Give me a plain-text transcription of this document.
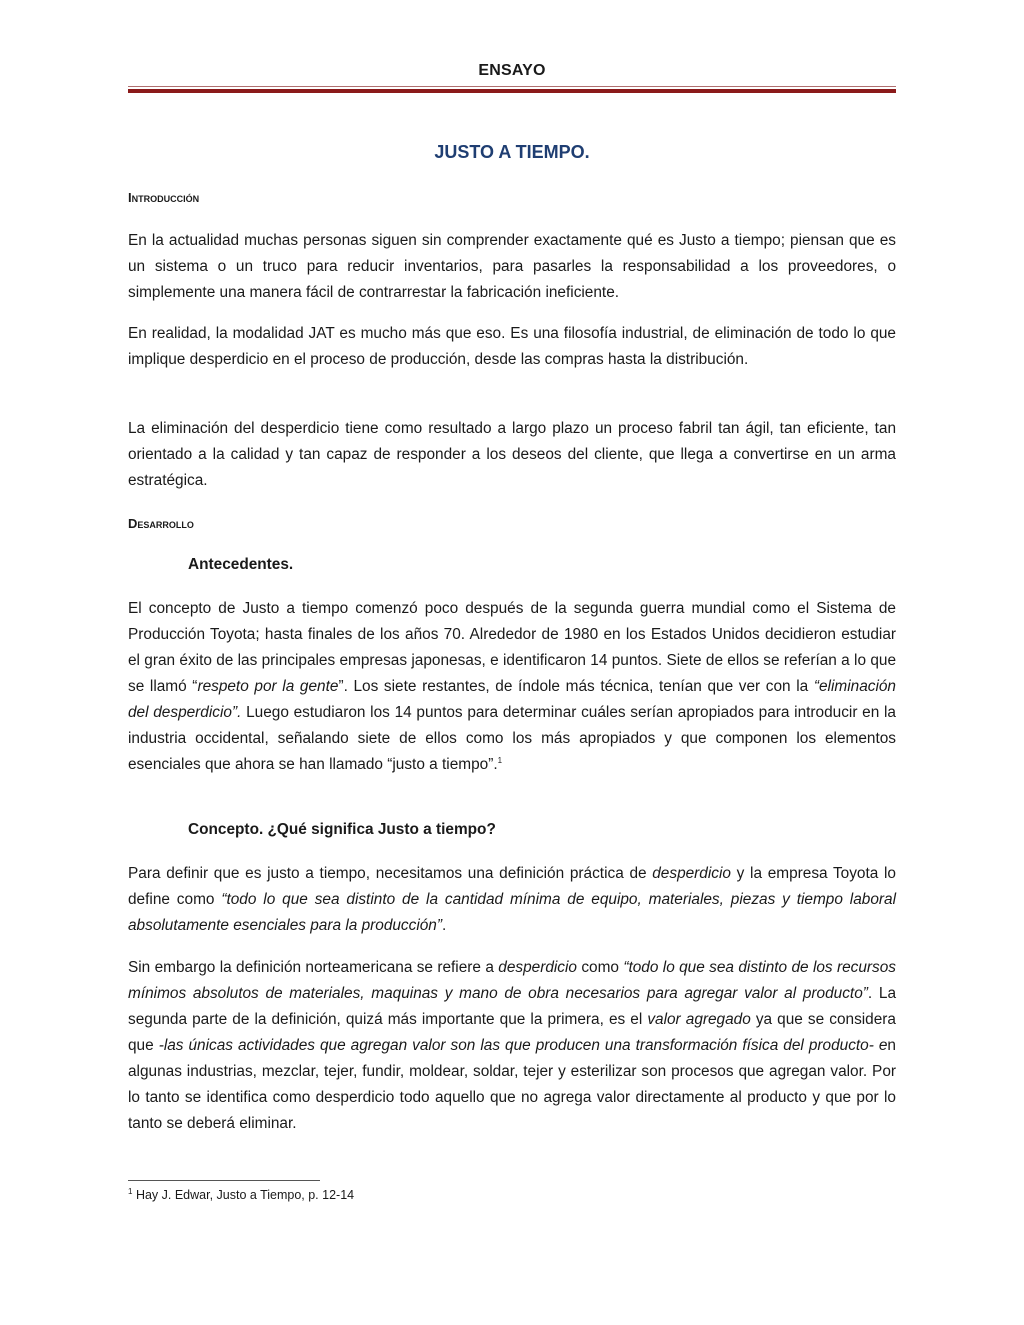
ENSAYO
JUSTO A TIEMPO.
Introducción
En la actualidad muchas personas siguen sin comprender exactamente qué es Justo a tiempo; piensan que es un sistema o un truco para reducir inventarios, para pasarles la responsabilidad a los proveedores, o simplemente una manera fácil de contrarrestar la fabricación ineficiente.
En realidad, la modalidad JAT es mucho más que eso. Es una filosofía industrial, de eliminación de todo lo que implique desperdicio en el proceso de producción, desde las compras hasta la distribución.
La eliminación del desperdicio tiene como resultado a largo plazo un proceso fabril tan ágil, tan eficiente, tan orientado a la calidad y tan capaz de responder a los deseos del cliente, que llega a convertirse en un arma estratégica.
Desarrollo
Antecedentes.
El concepto de Justo a tiempo comenzó poco después de la segunda guerra mundial como el Sistema de Producción Toyota; hasta finales de los años 70. Alrededor de 1980 en los Estados Unidos decidieron estudiar el gran éxito de las principales empresas japonesas, e identificaron 14 puntos. Siete de ellos se referían a lo que se llamó “respeto por la gente”. Los siete restantes, de índole más técnica, tenían que ver con la “eliminación del desperdicio”. Luego estudiaron los 14 puntos para determinar cuáles serían apropiados para introducir en la industria occidental, señalando siete de ellos como los más apropiados y que componen los elementos esenciales que ahora se han llamado “justo a tiempo”.$^1$
Concepto. ¿Qué significa Justo a tiempo?
Para definir que es justo a tiempo, necesitamos una definición práctica de desperdicio y la empresa Toyota lo define como “todo lo que sea distinto de la cantidad mínima de equipo, materiales, piezas y tiempo laboral absolutamente esenciales para la producción”.
Sin embargo la definición norteamericana se refiere a desperdicio como “todo lo que sea distinto de los recursos mínimos absolutos de materiales, maquinas y mano de obra necesarios para agregar valor al producto”. La segunda parte de la definición, quizá más importante que la primera, es el valor agregado ya que se considera que -las únicas actividades que agregan valor son las que producen una transformación física del producto- en algunas industrias, mezclar, tejer, fundir, moldear, soldar, tejer y esterilizar son procesos que agregan valor. Por lo tanto se identifica como desperdicio todo aquello que no agrega valor directamente al producto y que por lo tanto se deberá eliminar.
$^1$ Hay J. Edwar, Justo a Tiempo, p. 12-14
